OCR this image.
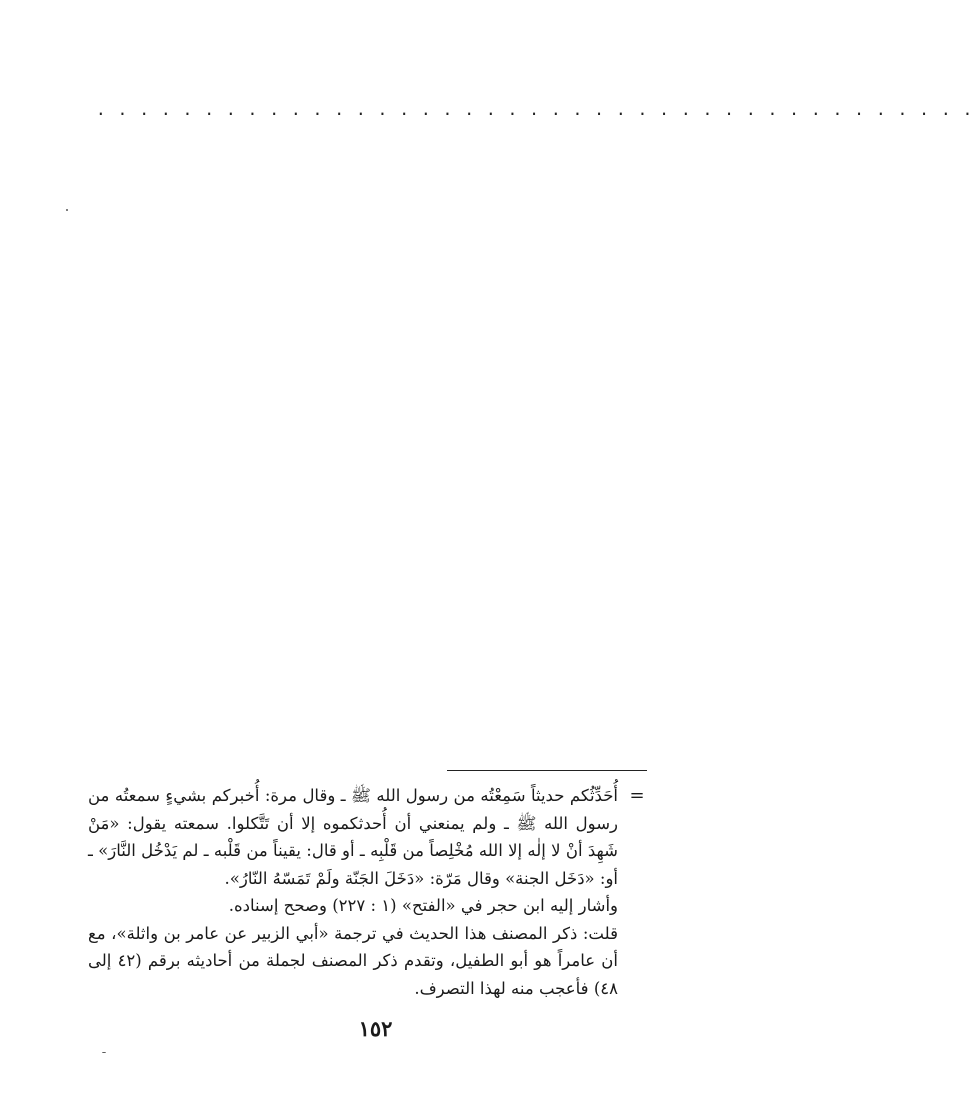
. . . . . . . . . . . . . . . . . . . . . . . . . . . . . . . . . . . . . . . . .
=

أُحَدِّثُكم حديثاً سَمِعْتُه من رسول الله ﷺ ـ وقال مرة: أُخبركم بشيءٍ سمعتُه من رسول الله ﷺ ـ ولم يمنعني أن أُحدثكموه إلا أن تَتَّكلوا. سمعته يقول: «مَنْ شَهِدَ أنْ لا إلٰه إلا الله مُخْلِصاً من قَلْبِه ـ أو قال: يقيناً من قَلْبه ـ لم يَدْخُل النَّارَ» ـ أو: «دَخَل الجنة» وقال مَرّة: «دَخَلَ الجَنّة ولَمْ تَمَسّهُ النّارُ».

وأشار إليه ابن حجر في «الفتح» (١ : ٢٢٧) وصحح إسناده.

قلت: ذكر المصنف هذا الحديث في ترجمة «أبي الزبير عن عامر بن واثلة»، مع أن عامراً هو أبو الطفيل، وتقدم ذكر المصنف لجملة من أحاديثه برقم (٤٢ إلى ٤٨) فأعجب منه لهذا التصرف.

١٥٢
